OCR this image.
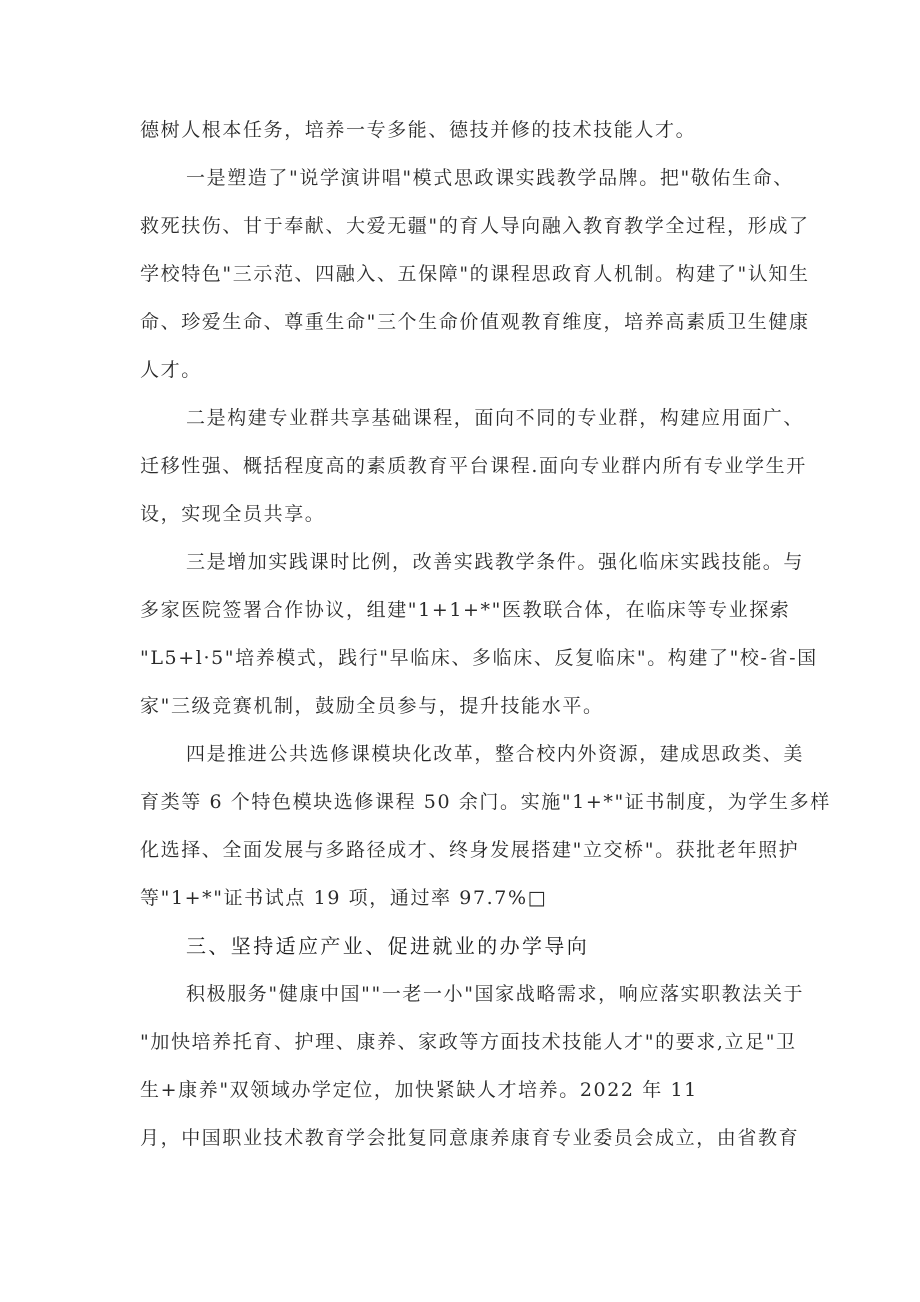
德树人根本任务，培养一专多能、德技并修的技术技能人才。
一是塑造了"说学演讲唱"模式思政课实践教学品牌。把"敬佑生命、
救死扶伤、甘于奉献、大爱无疆"的育人导向融入教育教学全过程，形成了
学校特色"三示范、四融入、五保障"的课程思政育人机制。构建了"认知生
命、珍爱生命、尊重生命"三个生命价值观教育维度，培养高素质卫生健康
人才。
二是构建专业群共享基础课程，面向不同的专业群，构建应用面广、
迁移性强、概括程度高的素质教育平台课程.面向专业群内所有专业学生开
设，实现全员共享。
三是增加实践课时比例，改善实践教学条件。强化临床实践技能。与
多家医院签署合作协议，组建"1+1+*"医教联合体，在临床等专业探索
"L5+l·5"培养模式，践行"早临床、多临床、反复临床"。构建了"校-省-国
家"三级竞赛机制，鼓励全员参与，提升技能水平。
四是推进公共选修课模块化改革，整合校内外资源，建成思政类、美
育类等 6 个特色模块选修课程 50 余门。实施"1+*"证书制度，为学生多样
化选择、全面发展与多路径成才、终身发展搭建"立交桥"。获批老年照护
等"1+*"证书试点 19 项，通过率 97.7%□
三、坚持适应产业、促进就业的办学导向
积极服务"健康中国""一老一小"国家战略需求，响应落实职教法关于
"加快培养托育、护理、康养、家政等方面技术技能人才"的要求,立足"卫
生+康养"双领域办学定位，加快紧缺人才培养。2022 年 11
月，中国职业技术教育学会批复同意康养康育专业委员会成立，由省教育
